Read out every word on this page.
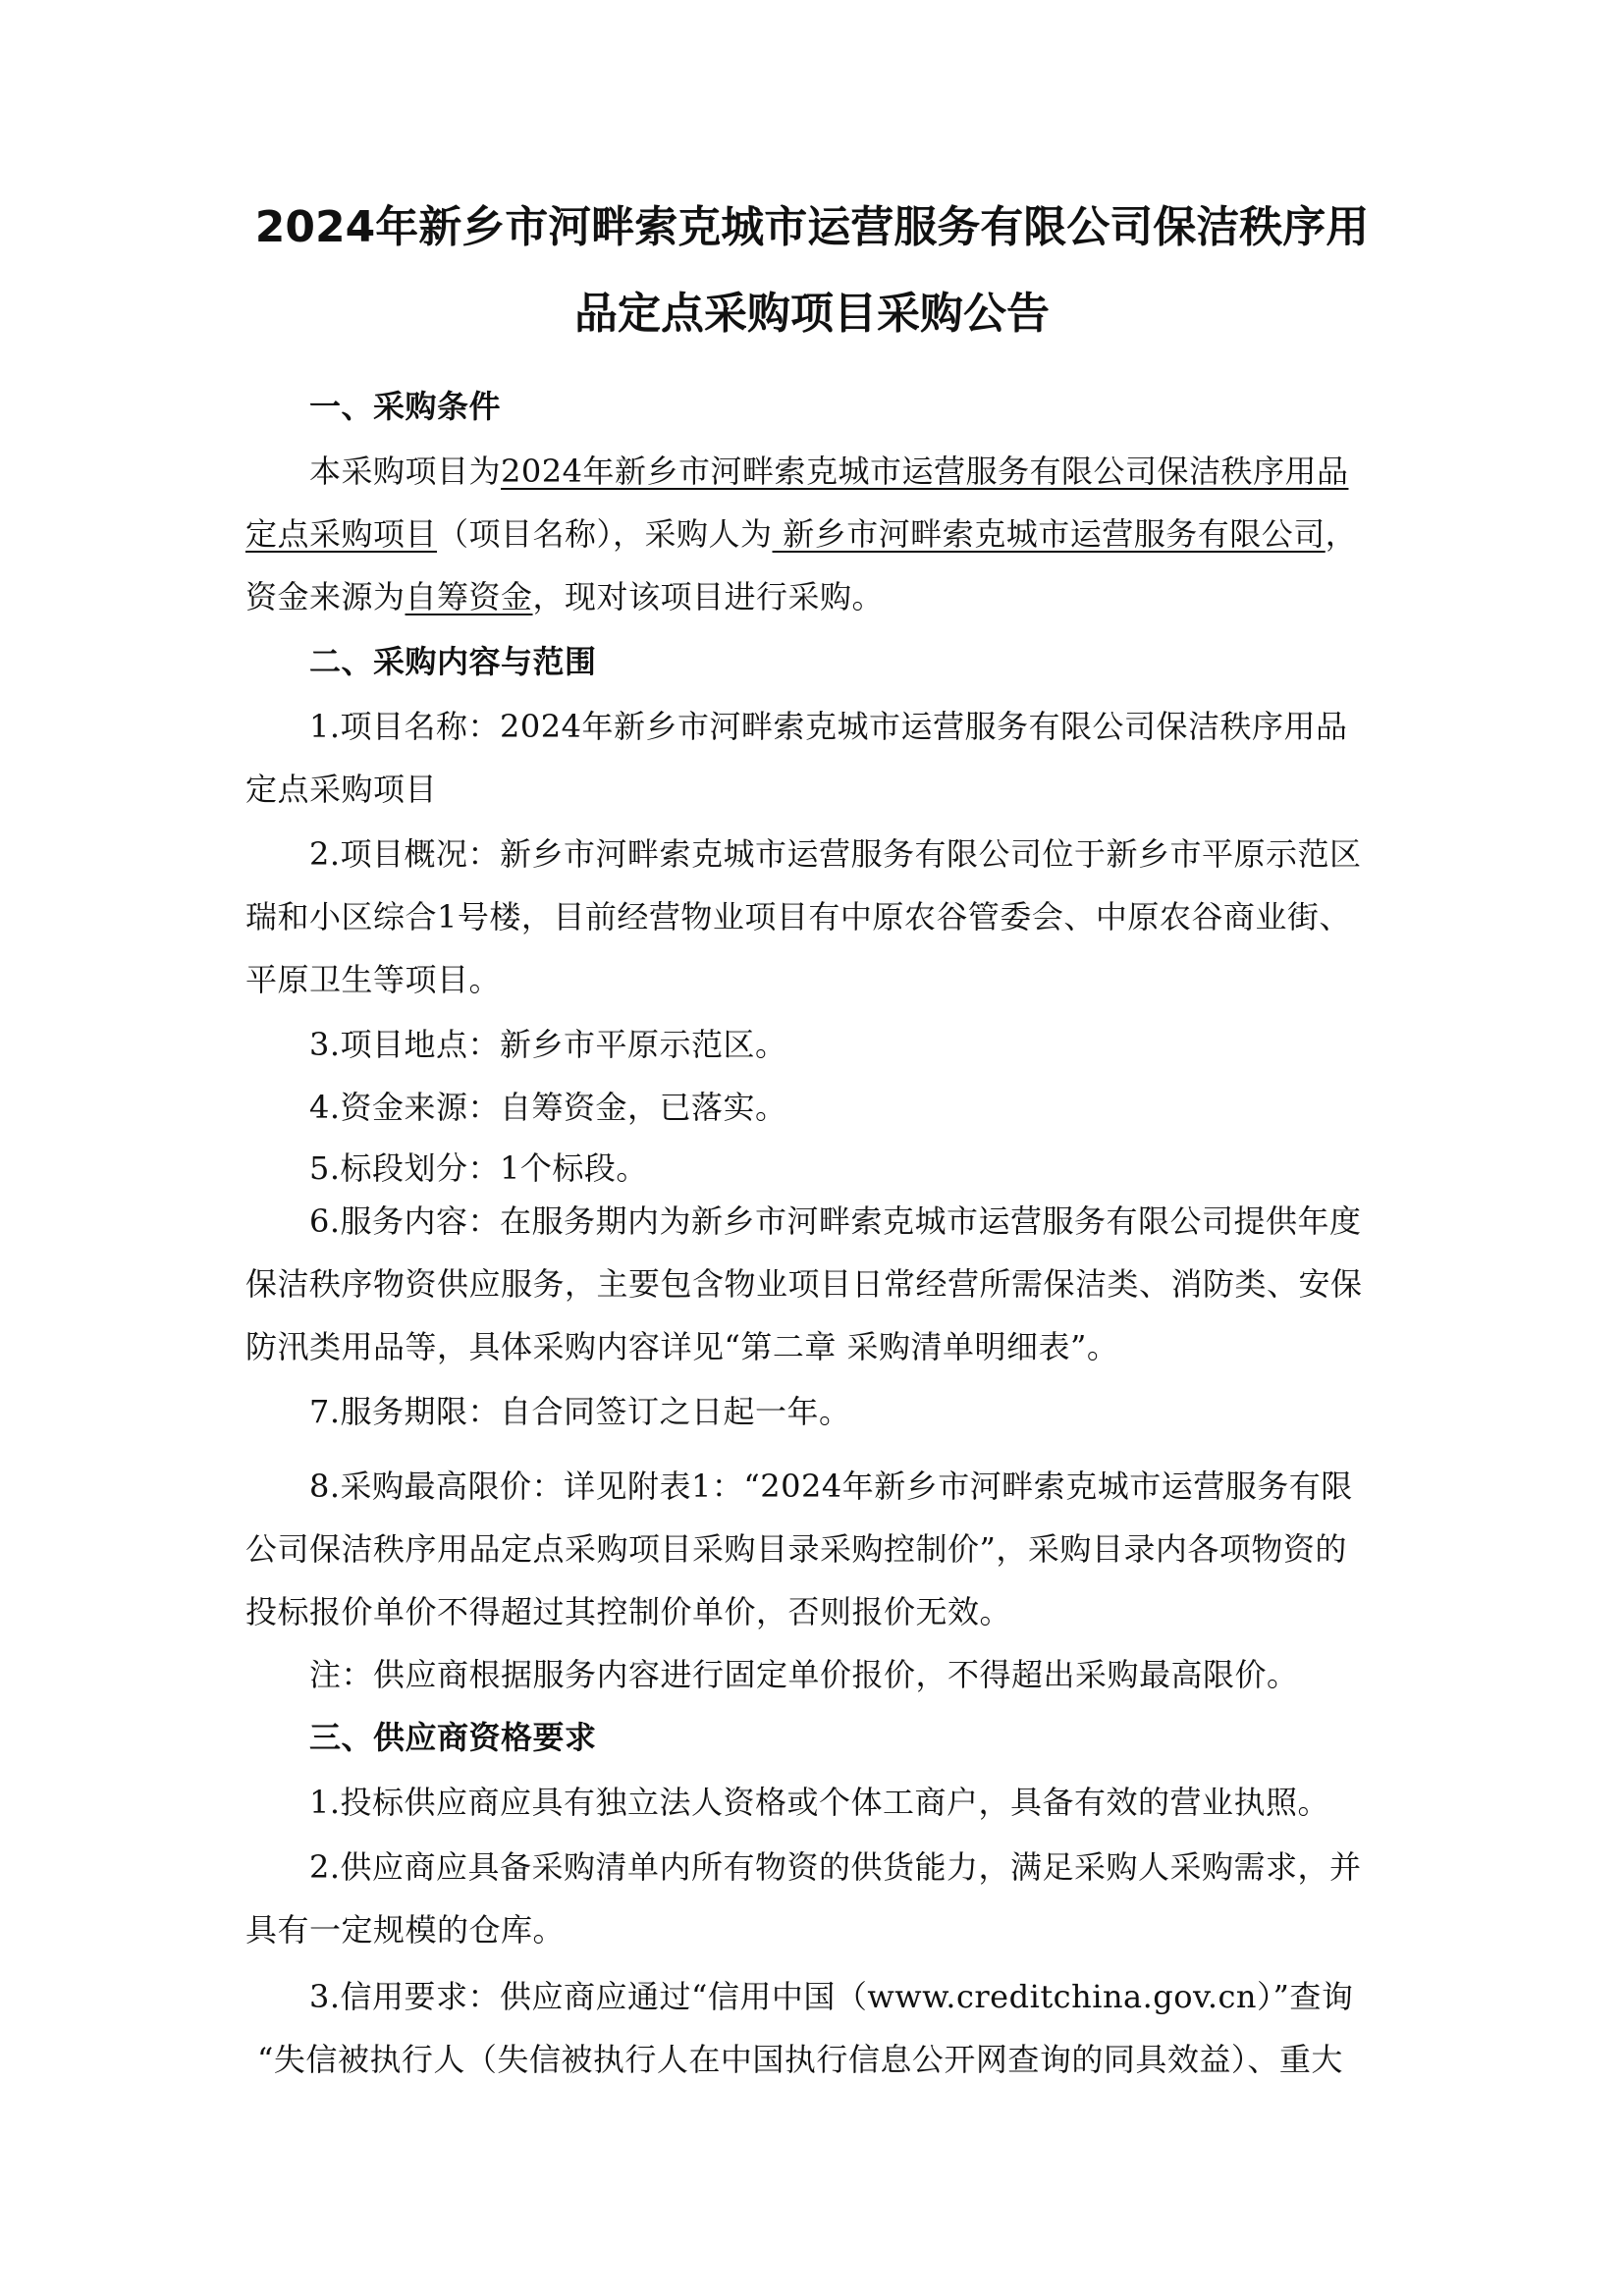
2024年新乡市河畔索克城市运营服务有限公司保洁秩序用
品定点采购项目采购公告
一、采购条件
本采购项目为2024年新乡市河畔索克城市运营服务有限公司保洁秩序用品
定点采购项目（项目名称），采购人为 新乡市河畔索克城市运营服务有限公司，
资金来源为自筹资金，现对该项目进行采购。
二、采购内容与范围
1.项目名称：2024年新乡市河畔索克城市运营服务有限公司保洁秩序用品
定点采购项目
2.项目概况：新乡市河畔索克城市运营服务有限公司位于新乡市平原示范区
瑞和小区综合1号楼，目前经营物业项目有中原农谷管委会、中原农谷商业街、
平原卫生等项目。
3.项目地点：新乡市平原示范区。
4.资金来源：自筹资金，已落实。
5.标段划分：1个标段。
6.服务内容：在服务期内为新乡市河畔索克城市运营服务有限公司提供年度
保洁秩序物资供应服务，主要包含物业项目日常经营所需保洁类、消防类、安保
防汛类用品等，具体采购内容详见“第二章 采购清单明细表”。
7.服务期限：自合同签订之日起一年。
8.采购最高限价：详见附表1：“2024年新乡市河畔索克城市运营服务有限
公司保洁秩序用品定点采购项目采购目录采购控制价”，采购目录内各项物资的
投标报价单价不得超过其控制价单价，否则报价无效。
注：供应商根据服务内容进行固定单价报价，不得超出采购最高限价。
三、供应商资格要求
1.投标供应商应具有独立法人资格或个体工商户，具备有效的营业执照。
2.供应商应具备采购清单内所有物资的供货能力，满足采购人采购需求，并
具有一定规模的仓库。
3.信用要求：供应商应通过“信用中国（www.creditchina.gov.cn）”查询
“失信被执行人（失信被执行人在中国执行信息公开网查询的同具效益）、重大
